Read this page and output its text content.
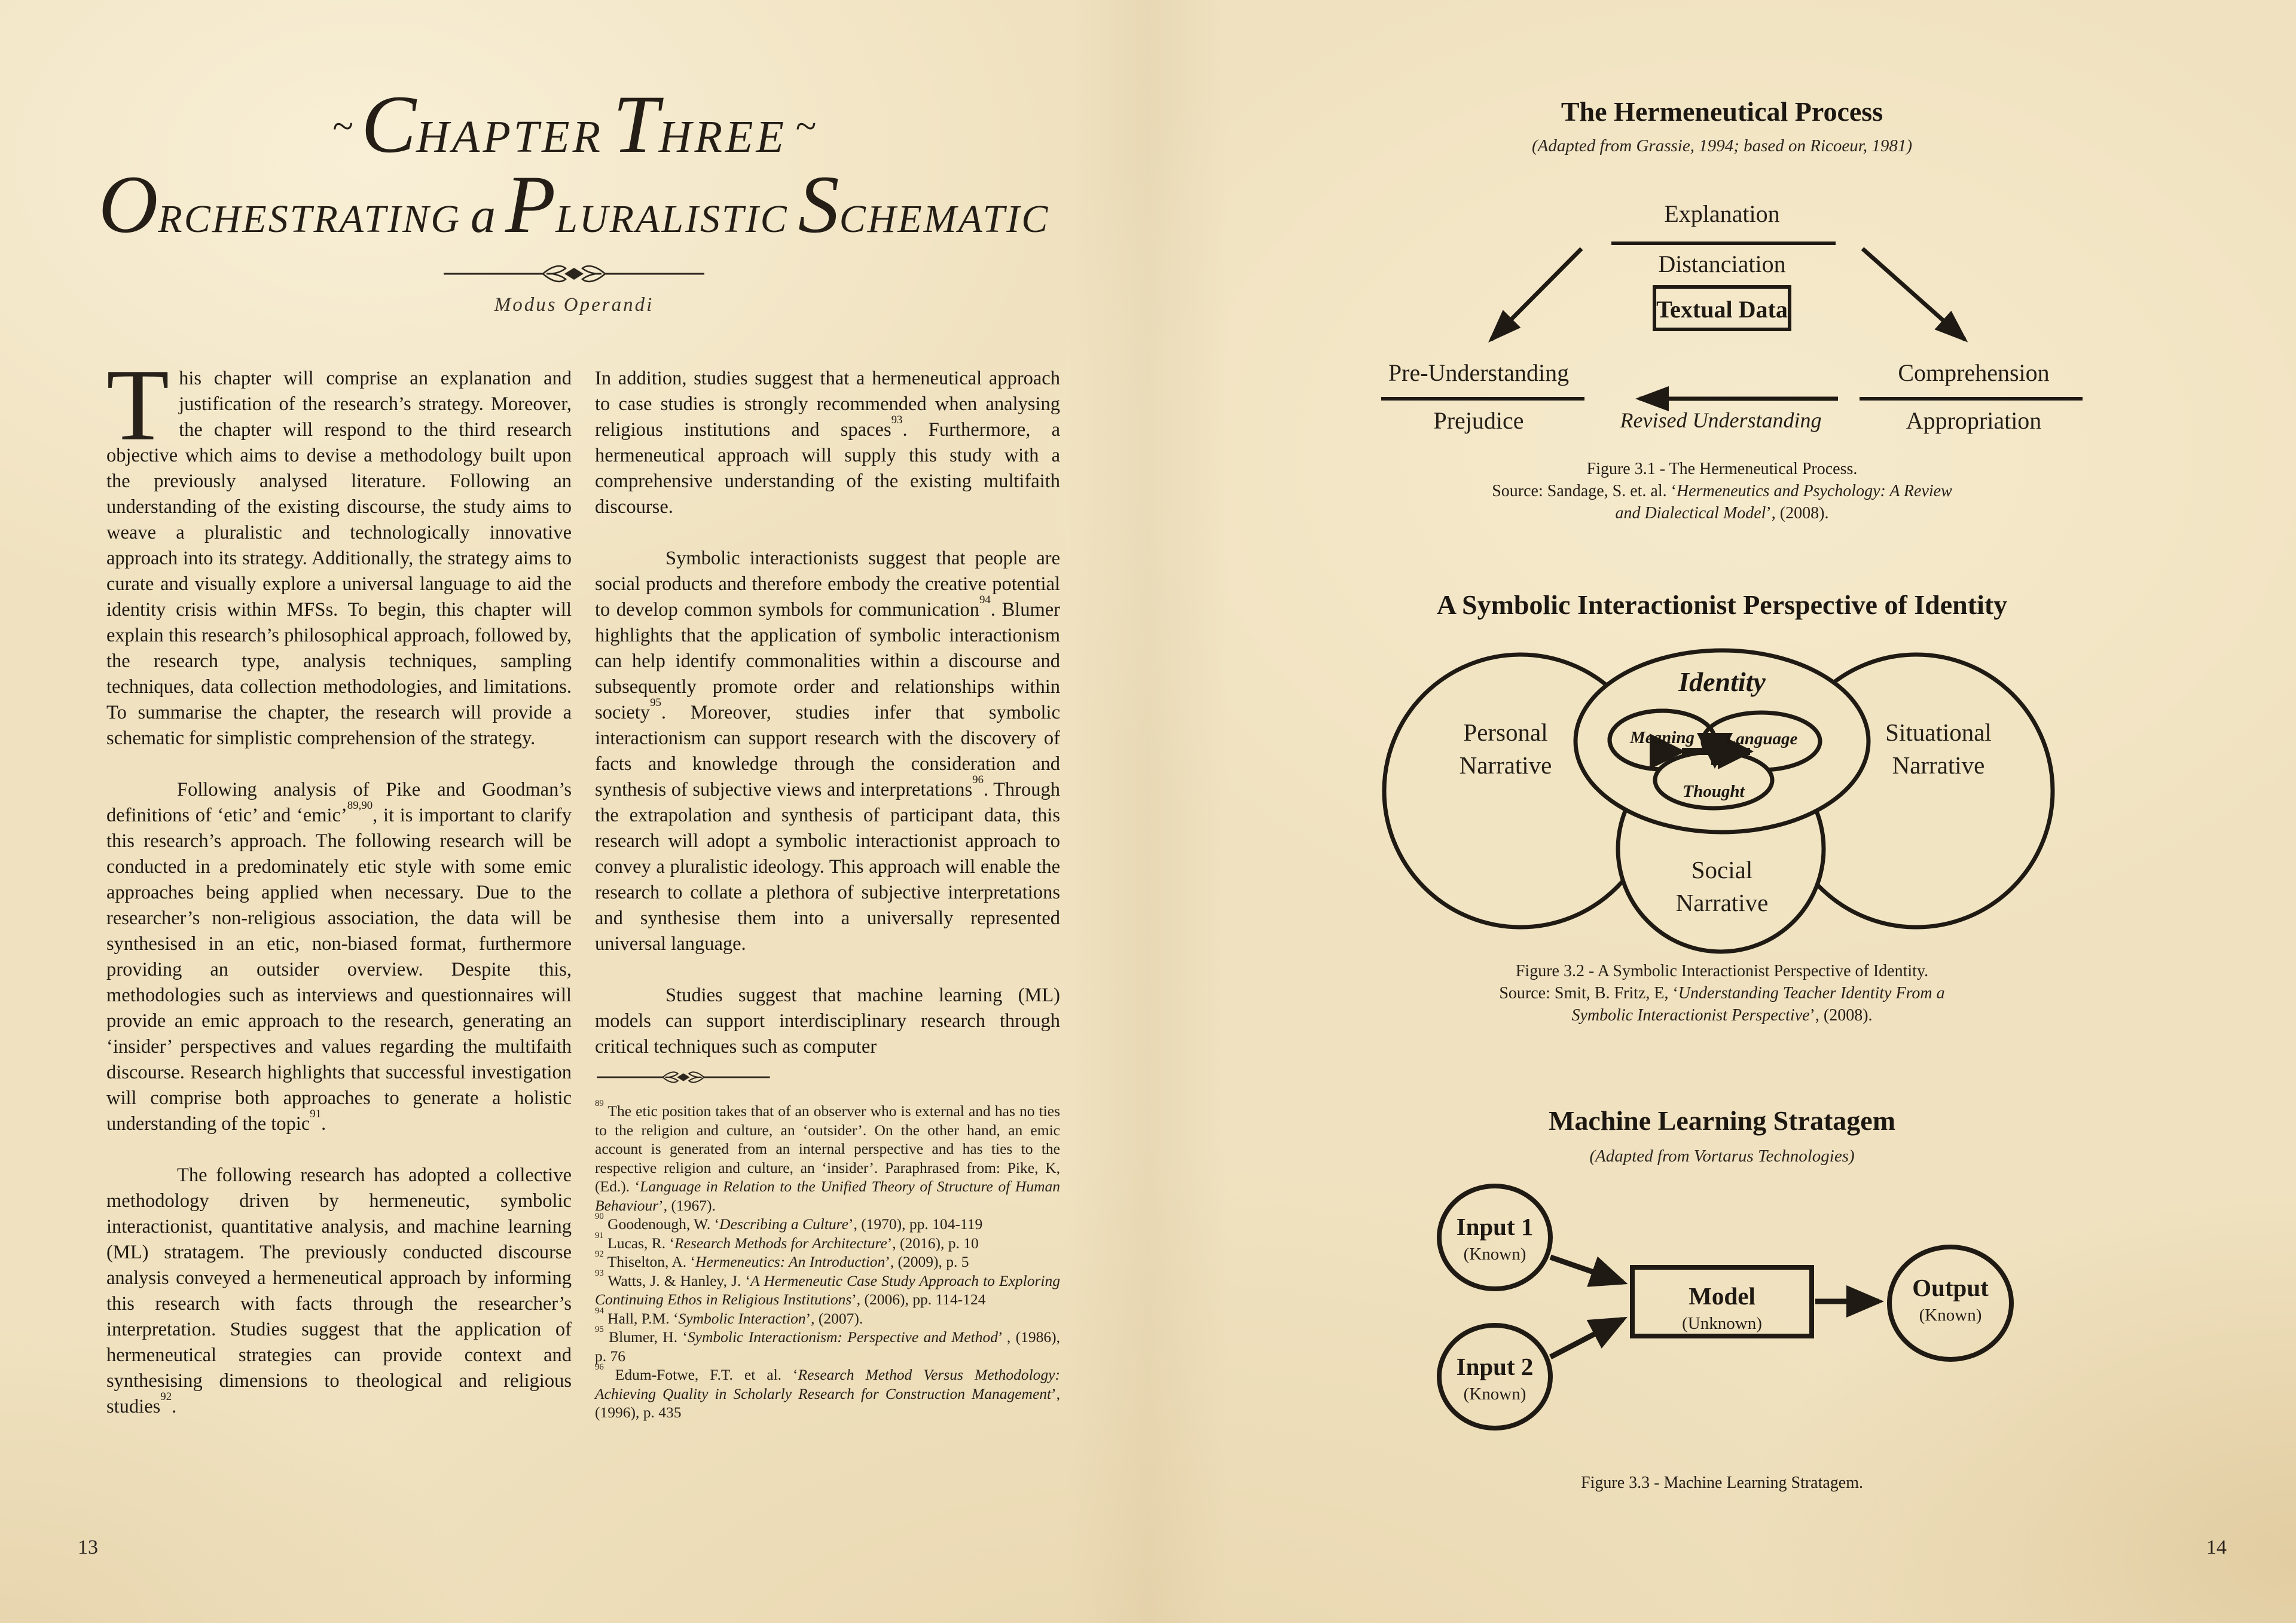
~ CHAPTER THREE ~
ORCHESTRATING a PLURALISTIC SCHEMATIC
Modus Operandi

This chapter will comprise an explanation and justification of the research’s strategy. Moreover, the chapter will respond to the third research objective which aims to devise a methodology built upon the previously analysed literature. Following an understanding of the existing discourse, the study aims to weave a pluralistic and technologically innovative approach into its strategy. Additionally, the strategy aims to curate and visually explore a universal language to aid the identity crisis within MFSs. To begin, this chapter will explain this research’s philosophical approach, followed by, the research type, analysis techniques, sampling techniques, data collection methodologies, and limitations. To summarise the chapter, the research will provide a schematic for simplistic comprehension of the strategy.

Following analysis of Pike and Goodman’s definitions of ‘etic’ and ‘emic’$^{89,90}$, it is important to clarify this research’s approach. The following research will be conducted in a predominately etic style with some emic approaches being applied when necessary. Due to the researcher’s non-religious association, the data will be synthesised in an etic, non-biased format, furthermore providing an outsider overview. Despite this, methodologies such as interviews and questionnaires will provide an emic approach to the research, generating an ‘insider’ perspectives and values regarding the multifaith discourse. Research highlights that successful investigation will comprise both approaches to generate a holistic understanding of the topic$^{91}$.

The following research has adopted a collective methodology driven by hermeneutic, symbolic interactionist, quantitative analysis, and machine learning (ML) stratagem. The previously conducted discourse analysis conveyed a hermeneutical approach by informing this research with facts through the researcher’s interpretation. Studies suggest that the application of hermeneutical strategies can provide context and synthesising dimensions to theological and religious studies$^{92}$.

In addition, studies suggest that a hermeneutical approach to case studies is strongly recommended when analysing religious institutions and spaces$^{93}$. Furthermore, a hermeneutical approach will supply this study with a comprehensive understanding of the existing multifaith discourse.

Symbolic interactionists suggest that people are social products and therefore embody the creative potential to develop common symbols for communication$^{94}$. Blumer highlights that the application of symbolic interactionism can help identify commonalities within a discourse and subsequently promote order and relationships within society$^{95}$. Moreover, studies infer that symbolic interactionism can support research with the discovery of facts and knowledge through the consideration and synthesis of subjective views and interpretations$^{96}$. Through the extrapolation and synthesis of participant data, this research will adopt a symbolic interactionist approach to convey a pluralistic ideology. This approach will enable the research to collate a plethora of subjective interpretations and synthesise them into a universally represented universal language.

Studies suggest that machine learning (ML) models can support interdisciplinary research through critical techniques such as computer

$^{89}$ The etic position takes that of an observer who is external and has no ties to the religion and culture, an ‘outsider’. On the other hand, an emic account is generated from an internal perspective and has ties to the respective religion and culture, an ‘insider’. Paraphrased from: Pike, K, (Ed.). ‘Language in Relation to the Unified Theory of Structure of Human Behaviour’, (1967).

$^{90}$ Goodenough, W. ‘Describing a Culture’, (1970), pp. 104-119

$^{91}$ Lucas, R. ‘Research Methods for Architecture’, (2016), p. 10

$^{92}$ Thiselton, A. ‘Hermeneutics: An Introduction’, (2009), p. 5

$^{93}$ Watts, J. & Hanley, J. ‘A Hermeneutic Case Study Approach to Exploring Continuing Ethos in Religious Institutions’, (2006), pp. 114-124

$^{94}$ Hall, P.M. ‘Symbolic Interaction’, (2007).

$^{95}$ Blumer, H. ‘Symbolic Interactionism: Perspective and Method’ , (1986), p. 76

$^{96}$ Edum-Fotwe, F.T. et al. ‘Research Method Versus Methodology: Achieving Quality in Scholarly Research for Construction Management’, (1996), p. 435

13
The Hermeneutical Process
(Adapted from Grassie, 1994; based on Ricoeur, 1981)
Explanation
Distanciation
Textual Data
Pre-Understanding
Prejudice
Comprehension
Appropriation
Revised Understanding
Figure 3.1 - The Hermeneutical Process.
Source: Sandage, S. et. al. ‘Hermeneutics and Psychology: A Review
and Dialectical Model’, (2008).
A Symbolic Interactionist Perspective of Identity
Identity
Meaning Language
Thought
Personal Narrative
Situational Narrative
Social Narrative
Figure 3.2 - A Symbolic Interactionist Perspective of Identity.
Source: Smit, B. Fritz, E, ‘Understanding Teacher Identity From a
Symbolic Interactionist Perspective’, (2008).
Machine Learning Stratagem
(Adapted from Vortarus Technologies)
Input 1
(Known)
Input 2
(Known)
Model
(Unknown)
Output
(Known)
Figure 3.3 - Machine Learning Stratagem.
14
